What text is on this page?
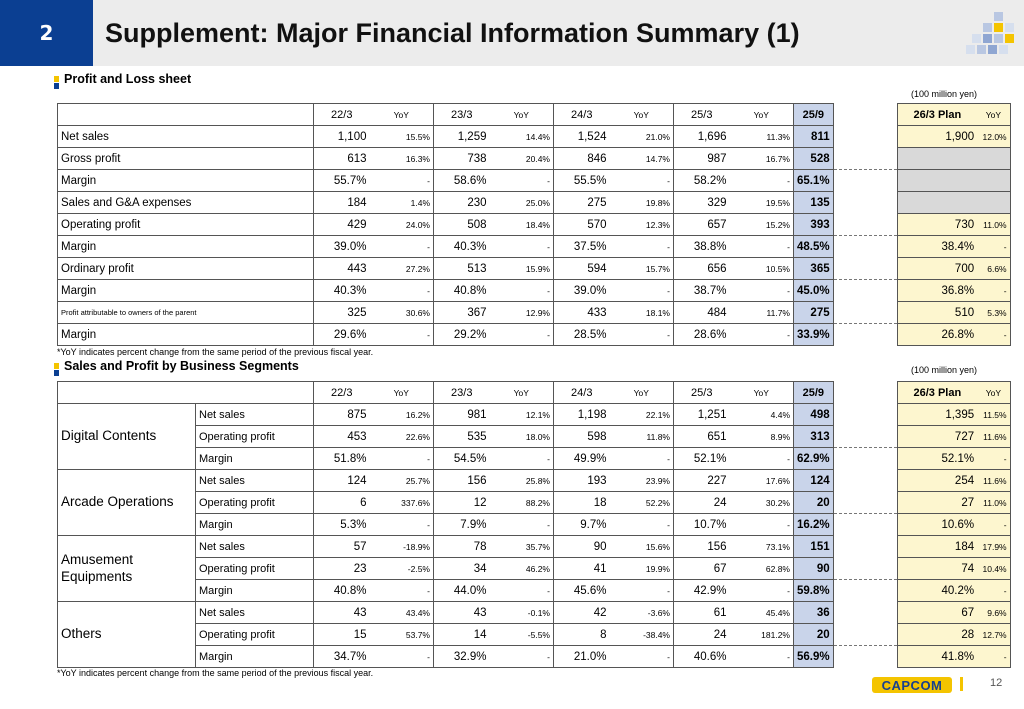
2	Supplement: Major Financial Information Summary (1)
Profit and Loss sheet
(100 million yen)
	22/3	YoY	23/3	YoY	24/3	YoY	25/3	YoY	25/9		26/3 Plan	YoY
Net sales	1,100	15.5%	1,259	14.4%	1,524	21.0%	1,696	11.3%	811		1,900	12.0%
Gross profit	613	16.3%	738	20.4%	846	14.7%	987	16.7%	528			
Margin	55.7%	-	58.6%	-	55.5%	-	58.2%	-	65.1%			
Sales and G&A expenses	184	1.4%	230	25.0%	275	19.8%	329	19.5%	135			
Operating profit	429	24.0%	508	18.4%	570	12.3%	657	15.2%	393		730	11.0%
Margin	39.0%	-	40.3%	-	37.5%	-	38.8%	-	48.5%		38.4%	-
Ordinary profit	443	27.2%	513	15.9%	594	15.7%	656	10.5%	365		700	6.6%
Margin	40.3%	-	40.8%	-	39.0%	-	38.7%	-	45.0%		36.8%	-
Profit attributable to owners of the parent	325	30.6%	367	12.9%	433	18.1%	484	11.7%	275		510	5.3%
Margin	29.6%	-	29.2%	-	28.5%	-	28.6%	-	33.9%		26.8%	-
*YoY indicates percent change from the same period of the previous fiscal year.
Sales and Profit by Business Segments	(100 million yen)
		22/3	YoY	23/3	YoY	24/3	YoY	25/3	YoY	25/9		26/3 Plan	YoY
Digital Contents	Net sales	875	16.2%	981	12.1%	1,198	22.1%	1,251	4.4%	498		1,395	11.5%
	Operating profit	453	22.6%	535	18.0%	598	11.8%	651	8.9%	313		727	11.6%
	Margin	51.8%	-	54.5%	-	49.9%	-	52.1%	-	62.9%		52.1%	-
Arcade Operations	Net sales	124	25.7%	156	25.8%	193	23.9%	227	17.6%	124		254	11.6%
	Operating profit	6	337.6%	12	88.2%	18	52.2%	24	30.2%	20		27	11.0%
	Margin	5.3%	-	7.9%	-	9.7%	-	10.7%	-	16.2%		10.6%	-
Amusement Equipments	Net sales	57	-18.9%	78	35.7%	90	15.6%	156	73.1%	151		184	17.9%
	Operating profit	23	-2.5%	34	46.2%	41	19.9%	67	62.8%	90		74	10.4%
	Margin	40.8%	-	44.0%	-	45.6%	-	42.9%	-	59.8%		40.2%	-
Others	Net sales	43	43.4%	43	-0.1%	42	-3.6%	61	45.4%	36		67	9.6%
	Operating profit	15	53.7%	14	-5.5%	8	-38.4%	24	181.2%	20		28	12.7%
	Margin	34.7%	-	32.9%	-	21.0%	-	40.6%	-	56.9%		41.8%	-
*YoY indicates percent change from the same period of the previous fiscal year.
CAPCOM	12
